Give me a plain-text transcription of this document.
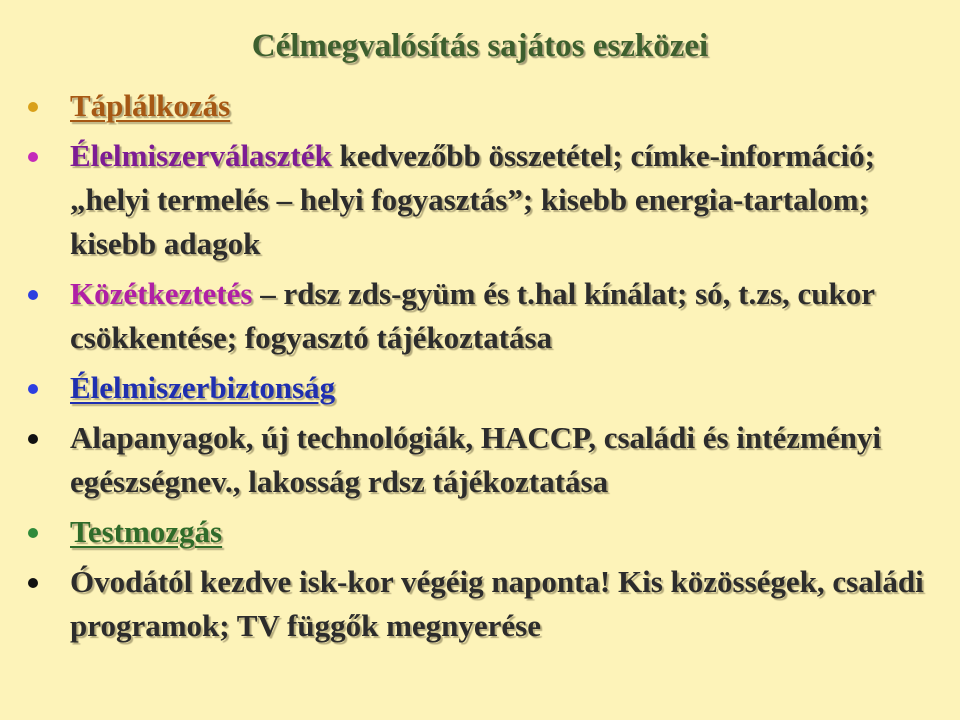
Célmegvalósítás sajátos eszközei
Táplálkozás
Élelmiszerválaszték kedvezőbb összetétel; címke-információ; „helyi termelés – helyi fogyasztás”; kisebb energia-tartalom; kisebb adagok
Közétkeztetés – rdsz zds-gyüm és t.hal kínálat; só, t.zs, cukor csökkentése; fogyasztó tájékoztatása
Élelmiszerbiztonság
Alapanyagok, új technológiák, HACCP, családi és intézményi egészségnev., lakosság rdsz tájékoztatása
Testmozgás
Óvodától kezdve isk-kor végéig naponta! Kis közösségek, családi programok; TV függők megnyerése
